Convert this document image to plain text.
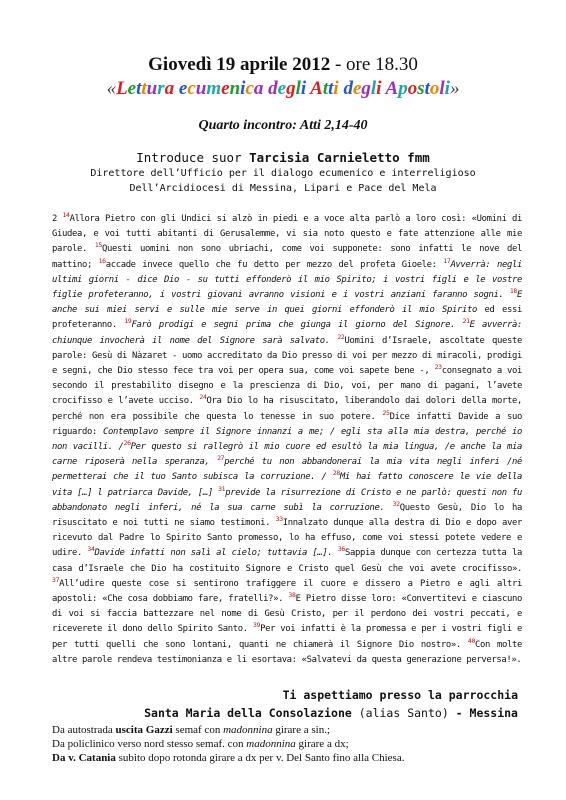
Giovedì 19 aprile 2012 - ore 18.30
«Lettura ecumenica degli Atti degli Apostoli»
Quarto incontro: Atti 2,14-40
Introduce suor Tarcisia Carnieletto fmm
Direttore dell’Ufficio per il dialogo ecumenico e interreligioso
Dell’Arcidiocesi di Messina, Lipari e Pace del Mela
2 $^{14}$Allora Pietro con gli Undici si alzò in piedi e a voce alta parlò a loro così: «Uomini di Giudea, e voi tutti abitanti di Gerusalemme, vi sia noto questo e fate attenzione alle mie parole. $^{15}$Questi uomini non sono ubriachi, come voi supponete: sono infatti le nove del mattino; $^{16}$accade invece quello che fu detto per mezzo del profeta Gioele: $^{17}$Avverrà: negli ultimi giorni - dice Dio - su tutti effonderò il mio Spirito; i vostri figli e le vostre figlie profeteranno, i vostri giovani avranno visioni e i vostri anziani faranno sogni. $^{18}$E anche sui miei servi e sulle mie serve in quei giorni effonderò il mio Spirito ed essi profeteranno. $^{19}$Farò prodigi e segni prima che giunga il giorno del Signore. $^{21}$E avverrà: chiunque invocherà il nome del Signore sarà salvato. $^{22}$Uomini d’Israele, ascoltate queste parole: Gesù di Nàzaret - uomo accreditato da Dio presso di voi per mezzo di miracoli, prodigi e segni, che Dio stesso fece tra voi per opera sua, come voi sapete bene -, $^{23}$consegnato a voi secondo il prestabilito disegno e la prescienza di Dio, voi, per mano di pagani, l’avete crocifisso e l’avete ucciso. $^{24}$Ora Dio lo ha risuscitato, liberandolo dai dolori della morte, perché non era possibile che questa lo tenesse in suo potere. $^{25}$Dice infatti Davide a suo riguardo: Contemplavo sempre il Signore innanzi a me; / egli sta alla mia destra, perché io non vacilli. /$^{26}$Per questo si rallegrò il mio cuore ed esultò la mia lingua, /e anche la mia carne riposerà nella speranza, $^{27}$perché tu non abbandonerai la mia vita negli inferi /né permetterai che il tuo Santo subisca la corruzione. / $^{28}$Mi hai fatto conoscere le vie della vita […] l patriarca Davide, […] $^{31}$previde la risurrezione di Cristo e ne parlò: questi non fu abbandonato negli inferi, né la sua carne subì la corruzione. $^{32}$Questo Gesù, Dio lo ha risuscitato e noi tutti ne siamo testimoni. $^{33}$Innalzato dunque alla destra di Dio e dopo aver ricevuto dal Padre lo Spirito Santo promesso, lo ha effuso, come voi stessi potete vedere e udire. $^{34}$Davide infatti non salì al cielo; tuttavia […]. $^{36}$Sappia dunque con certezza tutta la casa d’Israele che Dio ha costituito Signore e Cristo quel Gesù che voi avete crocifisso». $^{37}$All’udire queste cose si sentirono trafiggere il cuore e dissero a Pietro e agli altri apostoli: «Che cosa dobbiamo fare, fratelli?». $^{38}$E Pietro disse loro: «Convertitevi e ciascuno di voi si faccia battezzare nel nome di Gesù Cristo, per il perdono dei vostri peccati, e riceverete il dono dello Spirito Santo. $^{39}$Per voi infatti è la promessa e per i vostri figli e per tutti quelli che sono lontani, quanti ne chiamerà il Signore Dio nostro». $^{40}$Con molte altre parole rendeva testimonianza e li esortava: «Salvatevi da questa generazione perversa!».
Ti aspettiamo presso la parrocchia
Santa Maria della Consolazione (alias Santo) - Messina
Da autostrada uscita Gazzi semaf con madonnina girare a sin.;
Da policlinico verso nord stesso semaf. con madonnina girare a dx;
Da v. Catania subito dopo rotonda girare a dx per v. Del Santo fino alla Chiesa.
